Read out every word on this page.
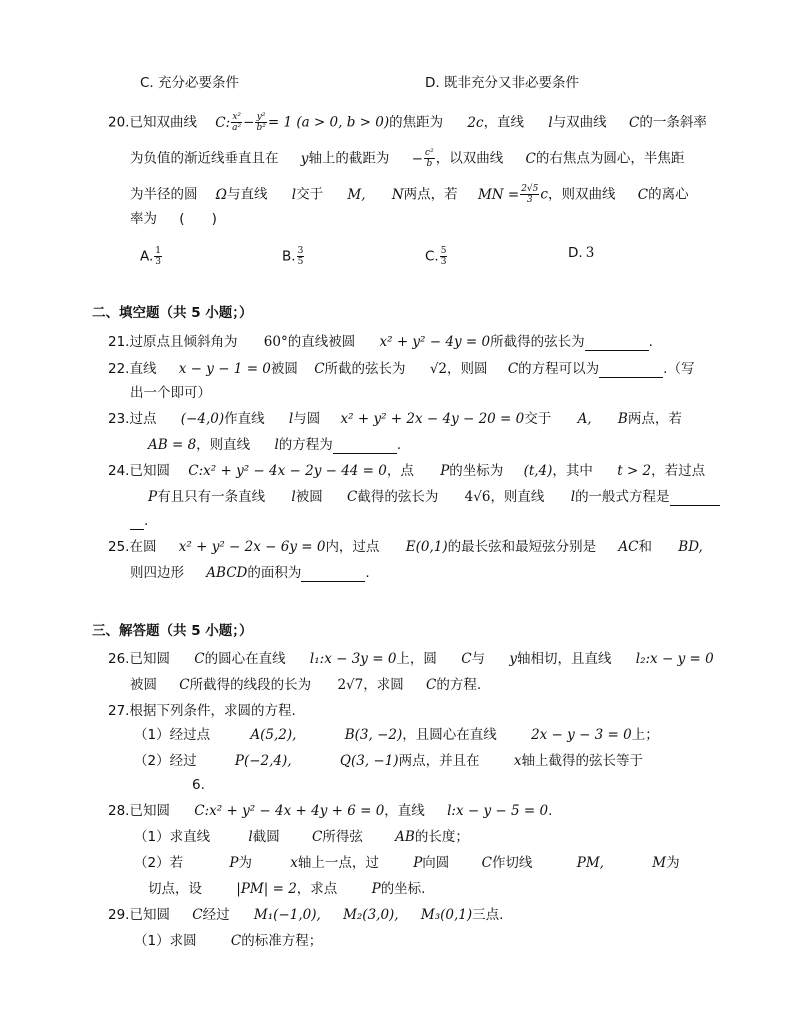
C. 充分必要条件	D. 既非充分又非必要条件
20.已知双曲线 C: $\frac{\text{x²}}{\text{a²}} - \frac{\text{y²}}{\text{b²}} = 1$ (a > 0, b > 0)的焦距为 2c，直线 l与双曲线 C的一条斜率
为负值的渐近线垂直且在 y轴上的截距为 − $\frac{\text{c²}}{b}$ ，以双曲线 C的右焦点为圆心，半焦距
为半径的圆 Ω与直线 l交于 M, N两点，若 MN = $\frac{2√5}{3}$ c，则双曲线 C的离心
率为 (　　)
A. $\frac{1}{3}$	B. $\frac{3}{5}$	C. $\frac{5}{3}$	D. 3
二、填空题（共 5 小题；）
21.过原点且倾斜角为 60°的直线被圆 x² + y² − 4y = 0所截得的弦长为	.
22.直线 x − y − 1 = 0被圆 C所截的弦长为 √2，则圆 C的方程可以为	.（写
出一个即可）
23.过点 (−4,0)作直线 l与圆 x² + y² + 2x − 4y − 20 = 0交于 A, B两点，若
AB = 8，则直线 l的方程为	.
24.已知圆 C:x² + y² − 4x − 2y − 44 = 0，点 P的坐标为 (t,4)，其中 t > 2，若过点
P有且只有一条直线 l被圆 C截得的弦长为 4√6，则直线 l的一般式方程是
.
25.在圆 x² + y² − 2x − 6y = 0内，过点 E(0,1)的最长弦和最短弦分别是 AC和 BD,
则四边形 ABCD的面积为	.
三、解答题（共 5 小题；）
26.已知圆 C的圆心在直线 l₁:x − 3y = 0上，圆 C与 y轴相切，且直线 l₂:x − y = 0
被圆 C所截得的线段的长为 2√7，求圆 C的方程.
27.根据下列条件，求圆的方程.
（1）经过点	A(5,2),	B(3, −2)，且圆心在直线	2x − y − 3 = 0上；
（2）经过	P(−2,4),	Q(3, −1)两点，并且在	x轴上截得的弦长等于
6.
28.已知圆 C:x² + y² − 4x + 4y + 6 = 0，直线 l:x − y − 5 = 0.
（1）求直线	l截圆 C所得弦 AB的长度；
（2）若	P为	x轴上一点，过	P向圆 C作切线	PM,	M为
切点，设	|PM| = 2，求点	P的坐标.
29.已知圆 C经过 M₁(−1,0), M₂(3,0), M₃(0,1)三点.
（1）求圆	C的标准方程；
